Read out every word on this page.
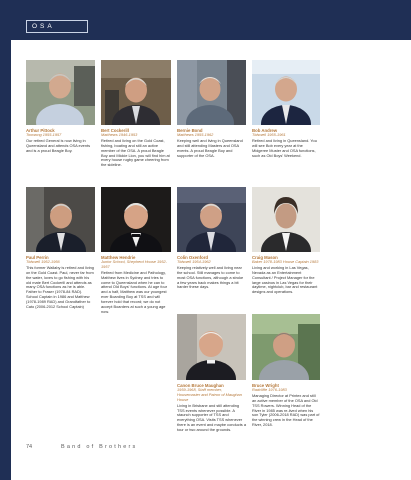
OSA
Arthur Pittock
Toowong 1955-1957
Our retired General is now living in Queensland and attends OSA events and is a proud Beagle Boy.
Bert Cockerill
Matthews 1946-1953
Retired and living on the Gold Coast, fishing, boating and still an active member of the OSA. A proud Beagle Boy and Mickie Lion, you will find him at every house rugby game cheering from the sideline.
Bernie Bond
Matthews 1955-1962
Keeping well and living in Queensland and still attending Masters and OSA events. A proud Beagle Boy and supporter of the OSA.
Bob Andrew
Tidswell 1955-1961
Retired and living in Queensland. You will see Bob every year at the Midgeree Muster and OSA functions, such as Old Boys' Weekend.
Paul Perrin
Tidswell 1952-1956
This former Wallaby is retired and living on the Gold Coast. Paul, never far from the water, loves to go fishing with his old mate Bert Cockerill and attends as many OSA functions as he is able. Father to Fraser (1978-84 RAD). School Captain in 1986 and Matthew (1978-1989 RAD) and Grandfather to Cato (2006-2012 School Captain)
Matthew Hendrie
Junior School, Shepherd House 1952-1957
Retired from Medicine and Pathology, Matthew lives in Sydney and tries to come to Queensland when he can to attend Old Boys' functions. At age four and a half, Matthew was our youngest ever Boarding Boy at TSS and will forever hold that record; we do not accept Boarders at such a young age now.
Colin Oxenford
Tidswell 1954-1962
Keeping relatively well and living near the school. Still manages to come to most OSA functions, although a stroke a few years back makes things a bit harder these days.
Craig Mason
Baker 1978-1983 House Captain 1983
Living and working in Las Vegas, Nevada as an Entertainment Consultant / Project Manager for the large casinos in Las Vegas for their daytime, nightclub, bar and restaurant designs and operations.
Canon Bruce Maughan
1959-1968, Staff member, Housemaster and Patron of Maughan House
Living in Brisbane and still attending TSS events whenever possible. A staunch supporter of TSS and everything OSA. Visits TSS whenever there is an event and maybe conducts a tour or two around the grounds.
Bruce Wright
Radcliffe 1976-1983
Managing Director at Printex and still an active member of the OSA and Old TSS Rowers. Winning Head of the River in 1985 was re-lived when his son Tyler (2006-2018 RAD) was part of the winning crew in the Head of the River, 2018.
74	Band of Brothers
